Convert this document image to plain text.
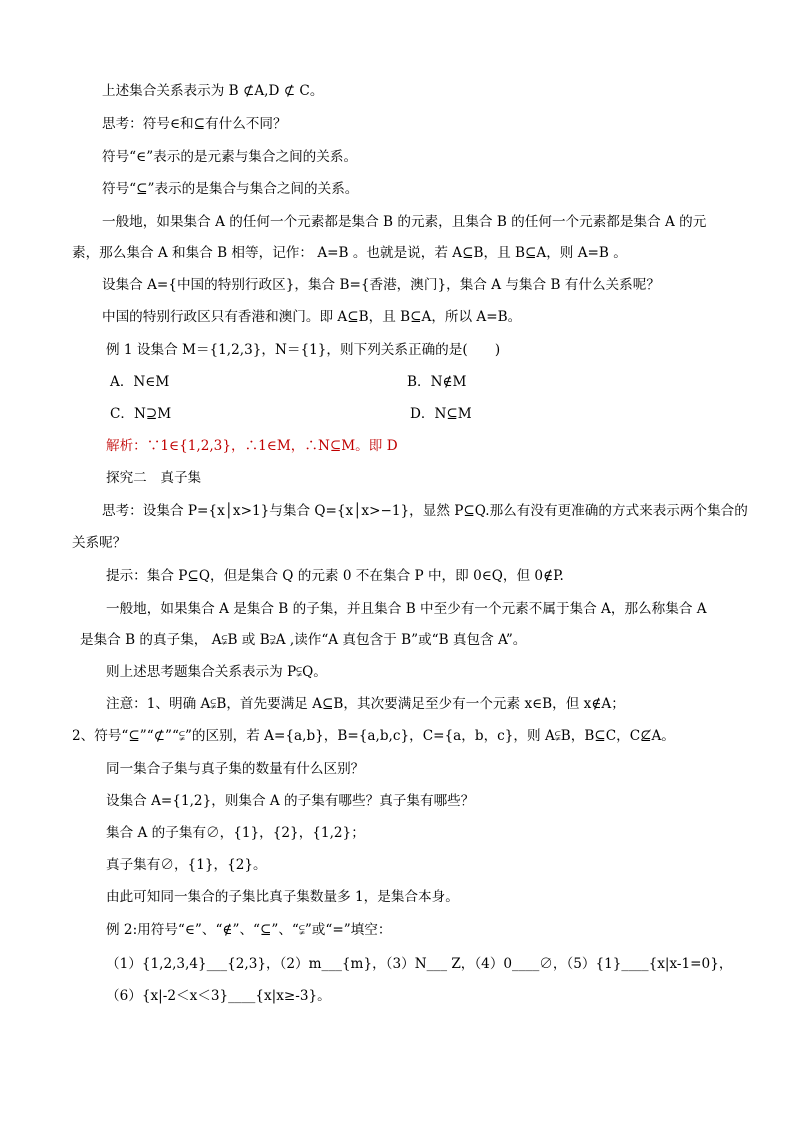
上述集合关系表示为 B ⊄A,D ⊄ C。
思考：符号∈和⊆有什么不同？
符号“∈”表示的是元素与集合之间的关系。
符号“⊆”表示的是集合与集合之间的关系。
一般地，如果集合 A 的任何一个元素都是集合 B 的元素，且集合 B 的任何一个元素都是集合 A 的元
素，那么集合 A 和集合 B 相等，记作： A=B 。也就是说，若 A⊆B，且 B⊆A，则 A=B 。
设集合 A={中国的特别行政区}，集合 B={香港，澳门}，集合 A 与集合 B 有什么关系呢？
中国的特别行政区只有香港和澳门。即 A⊆B，且 B⊆A，所以 A=B。
例 1 设集合 M＝{1,2,3}，N＝{1}，则下列关系正确的是(　　)
A．N∈M	B．N∉M
C．N⊇M	D．N⊆M
解析：∵1∈{1,2,3}，∴1∈M，∴N⊆M。即 D
探究二　真子集
思考：设集合 P={x│x>1}与集合 Q={x│x>−1}，显然 P⊆Q.那么有没有更准确的方式来表示两个集合的
关系呢？
提示：集合 P⊆Q，但是集合 Q 的元素 0 不在集合 P 中，即 0∈Q，但 0∉P.
一般地，如果集合 A 是集合 B 的子集，并且集合 B 中至少有一个元素不属于集合 A，那么称集合 A
是集合 B 的真子集， A⫋B 或 B⫌A ,读作“A 真包含于 B”或“B 真包含 A”。
则上述思考题集合关系表示为 P⫋Q。
注意：1、明确 A⫋B，首先要满足 A⊆B，其次要满足至少有一个元素 x∈B，但 x∉A；
2、符号“⊆”“⊄”“⫋”的区别，若 A={a,b}，B={a,b,c}，C={a，b，c}，则 A⫋B，B⊆C，C⊈A。
同一集合子集与真子集的数量有什么区别？
设集合 A={1,2}，则集合 A 的子集有哪些？真子集有哪些？
集合 A 的子集有∅，{1}，{2}，{1,2}；
真子集有∅，{1}，{2}。
由此可知同一集合的子集比真子集数量多 1，是集合本身。
例 2:用符号“∈”、“∉”、“⊆”、“⫋”或“=”填空：
（1）{1,2,3,4}___{2,3}，（2）m___{m}，（3）N___ Z，（4）0____∅，（5）{1}____{x|x-1=0}，
（6）{x|-2＜x＜3}____{x|x≥-3}。
